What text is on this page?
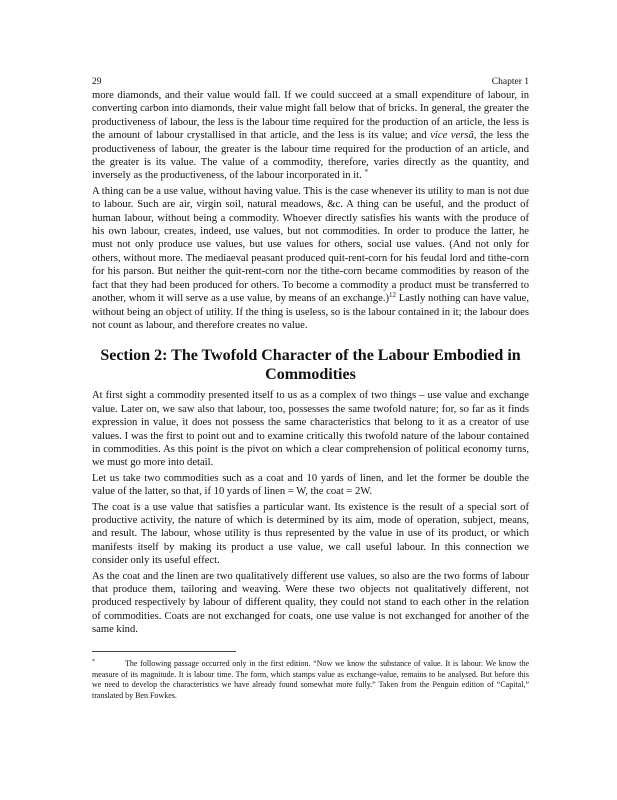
29	Chapter 1

more diamonds, and their value would fall. If we could succeed at a small expenditure of labour, in converting carbon into diamonds, their value might fall below that of bricks. In general, the greater the productiveness of labour, the less is the labour time required for the production of an article, the less is the amount of labour crystallised in that article, and the less is its value; and vice versâ, the less the productiveness of labour, the greater is the labour time required for the production of an article, and the greater is its value. The value of a commodity, therefore, varies directly as the quantity, and inversely as the productiveness, of the labour incorporated in it. *

A thing can be a use value, without having value. This is the case whenever its utility to man is not due to labour. Such are air, virgin soil, natural meadows, &c. A thing can be useful, and the product of human labour, without being a commodity. Whoever directly satisfies his wants with the produce of his own labour, creates, indeed, use values, but not commodities. In order to produce the latter, he must not only produce use values, but use values for others, social use values. (And not only for others, without more. The mediaeval peasant produced quit-rent-corn for his feudal lord and tithe-corn for his parson. But neither the quit-rent-corn nor the tithe-corn became commodities by reason of the fact that they had been produced for others. To become a commodity a product must be transferred to another, whom it will serve as a use value, by means of an exchange.)$^{12}$ Lastly nothing can have value, without being an object of utility. If the thing is useless, so is the labour contained in it; the labour does not count as labour, and therefore creates no value.

Section 2: The Twofold Character of the Labour Embodied in Commodities

At first sight a commodity presented itself to us as a complex of two things – use value and exchange value. Later on, we saw also that labour, too, possesses the same twofold nature; for, so far as it finds expression in value, it does not possess the same characteristics that belong to it as a creator of use values. I was the first to point out and to examine critically this twofold nature of the labour contained in commodities. As this point is the pivot on which a clear comprehension of political economy turns, we must go more into detail.

Let us take two commodities such as a coat and 10 yards of linen, and let the former be double the value of the latter, so that, if 10 yards of linen = W, the coat = 2W.

The coat is a use value that satisfies a particular want. Its existence is the result of a special sort of productive activity, the nature of which is determined by its aim, mode of operation, subject, means, and result. The labour, whose utility is thus represented by the value in use of its product, or which manifests itself by making its product a use value, we call useful labour. In this connection we consider only its useful effect.

As the coat and the linen are two qualitatively different use values, so also are the two forms of labour that produce them, tailoring and weaving. Were these two objects not qualitatively different, not produced respectively by labour of different quality, they could not stand to each other in the relation of commodities. Coats are not exchanged for coats, one use value is not exchanged for another of the same kind.

*	The following passage occurred only in the first edition. “Now we know the substance of value. It is labour. We know the measure of its magnitude. It is labour time. The form, which stamps value as exchange-value, remains to be analysed. But before this we need to develop the characteristics we have already found somewhat more fully.” Taken from the Penguin edition of “Capital,” translated by Ben Fowkes.
